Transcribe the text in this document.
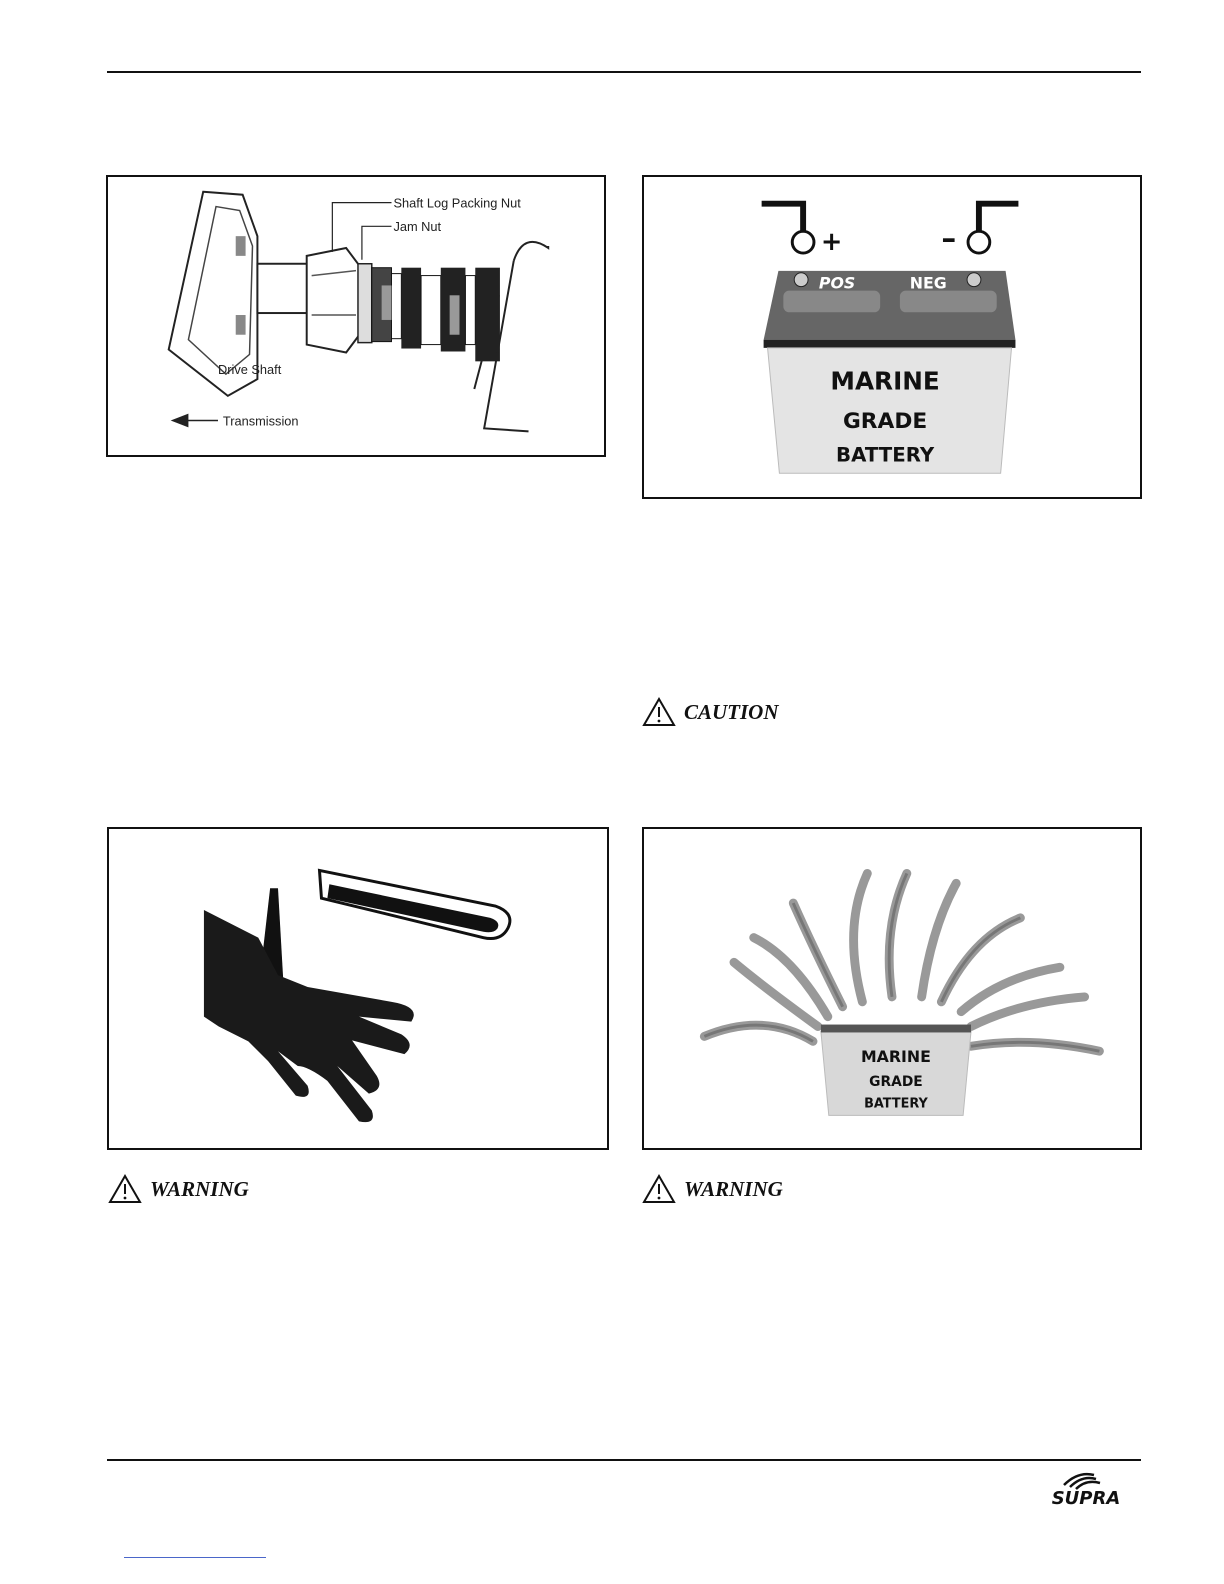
Shaft Log Packing Nut
Jam Nut
Drive Shaft
Transmission
+	–
POS	NEG
MARINE
GRADE
BATTERY
CAUTION
MARINE
GRADE
BATTERY
WARNING	WARNING
SUPRA
